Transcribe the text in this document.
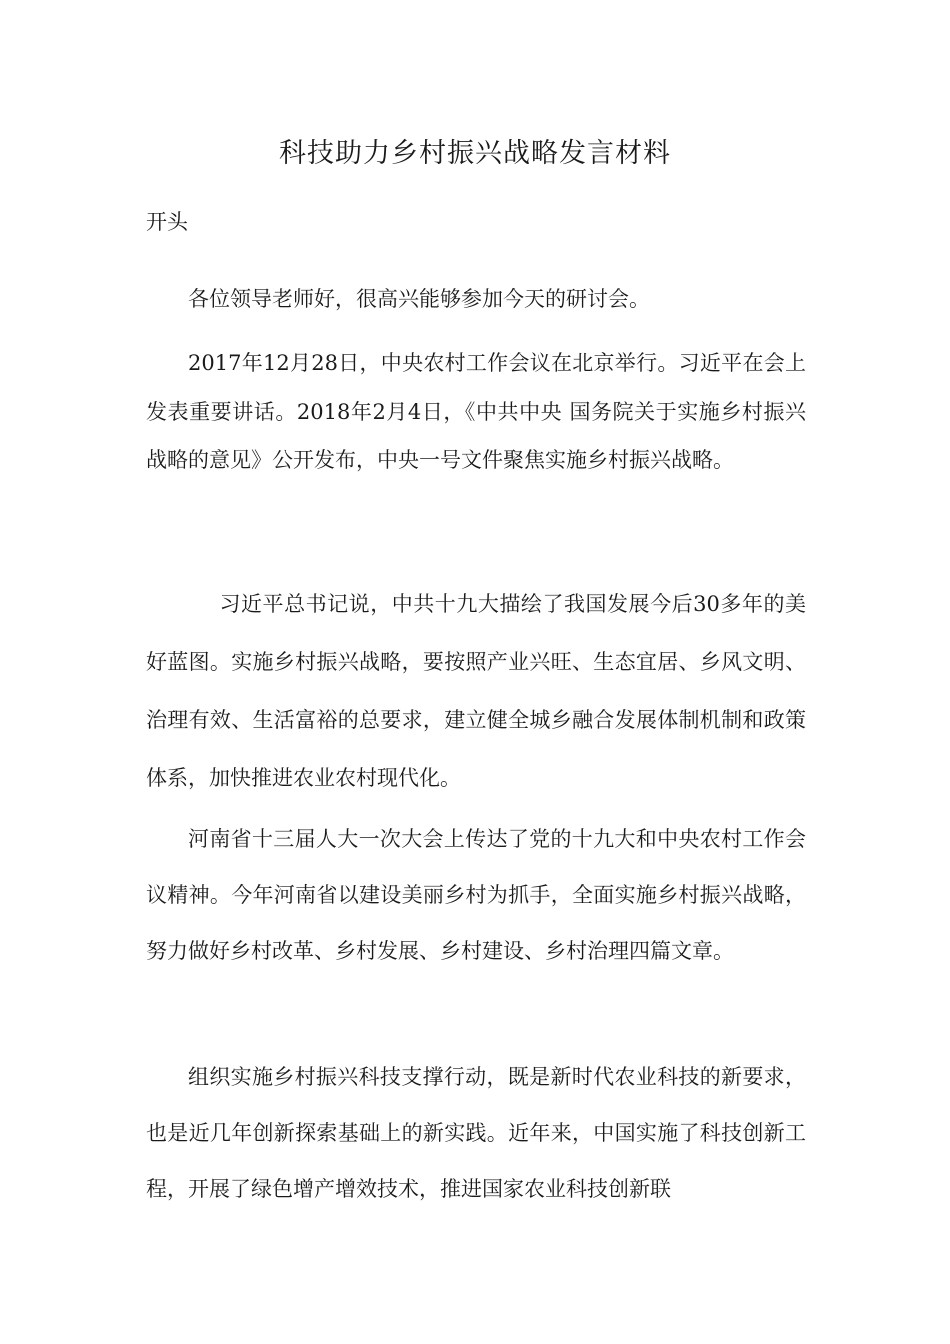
科技助力乡村振兴战略发言材料
开头

各位领导老师好，很高兴能够参加今天的研讨会。

2017年12月28日，中央农村工作会议在北京举行。习近平在会上发表重要讲话。2018年2月4日，《中共中央 国务院关于实施乡村振兴战略的意见》公开发布，中央一号文件聚焦实施乡村振兴战略。

习近平总书记说，中共十九大描绘了我国发展今后30多年的美好蓝图。实施乡村振兴战略，要按照产业兴旺、生态宜居、乡风文明、治理有效、生活富裕的总要求，建立健全城乡融合发展体制机制和政策体系，加快推进农业农村现代化。

河南省十三届人大一次大会上传达了党的十九大和中央农村工作会议精神。今年河南省以建设美丽乡村为抓手，全面实施乡村振兴战略，努力做好乡村改革、乡村发展、乡村建设、乡村治理四篇文章。

组织实施乡村振兴科技支撑行动，既是新时代农业科技的新要求，也是近几年创新探索基础上的新实践。近年来，中国实施了科技创新工程，开展了绿色增产增效技术，推进国家农业科技创新联
